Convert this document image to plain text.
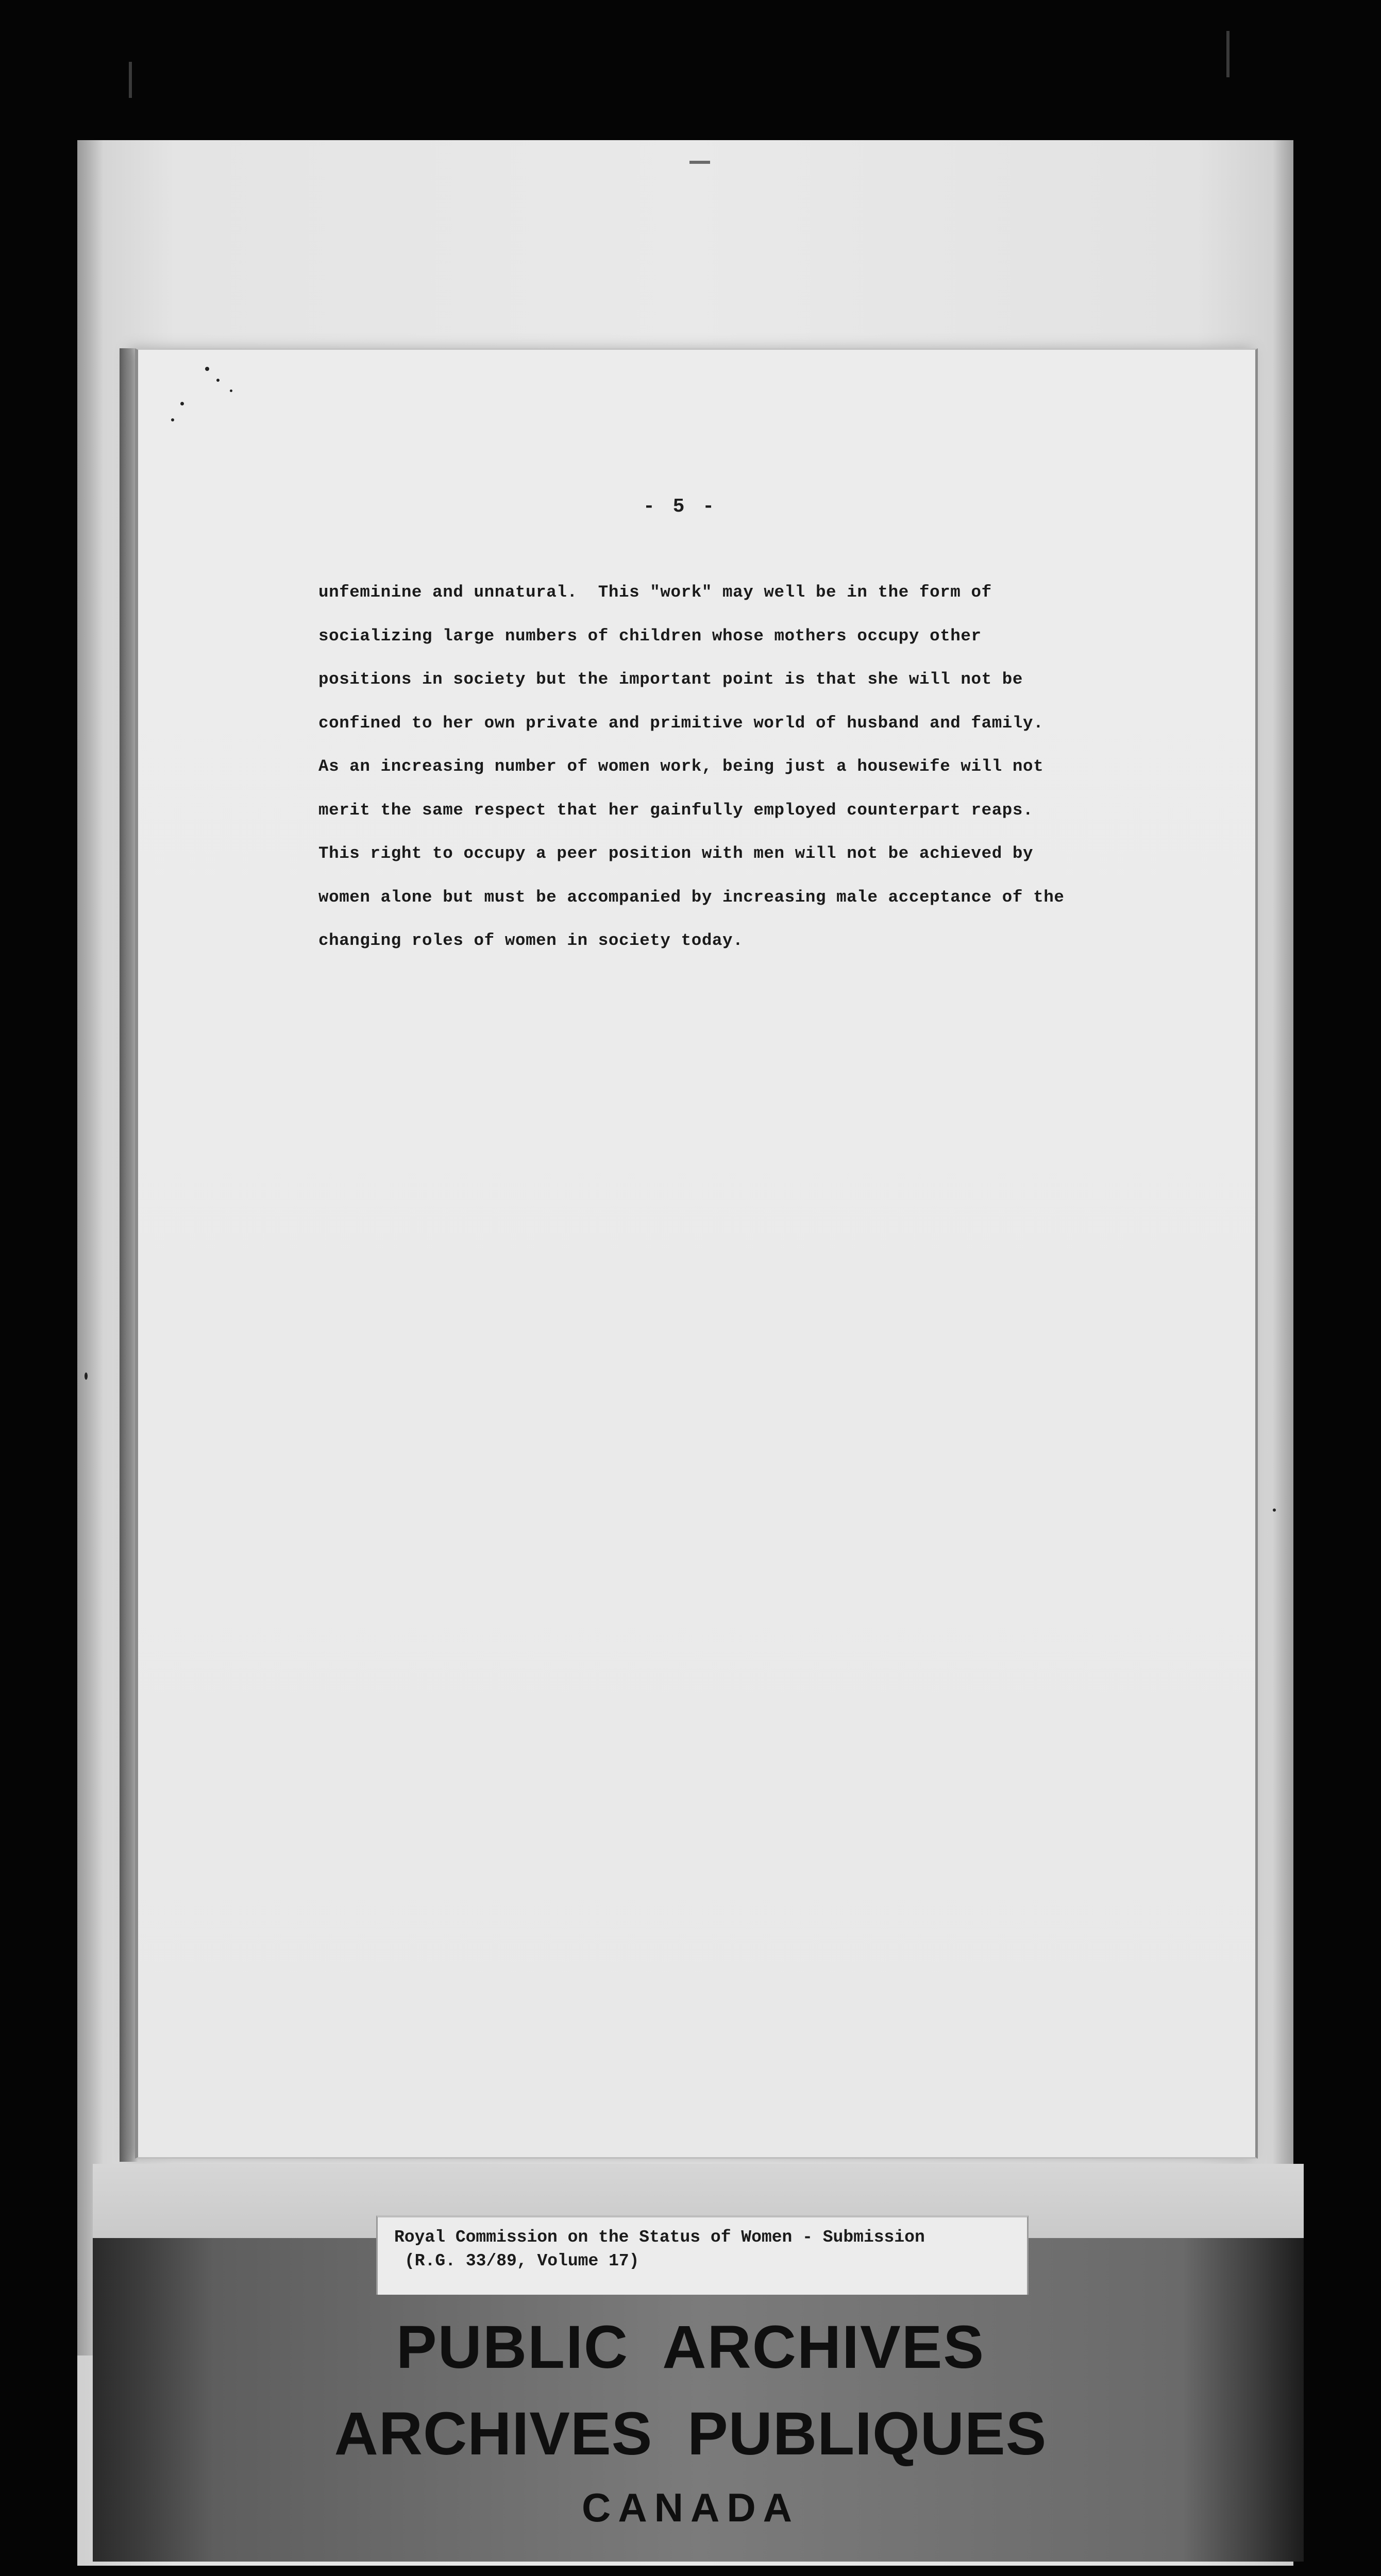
- 5 -
unfeminine and unnatural.  This "work" may well be in the form of
socializing large numbers of children whose mothers occupy other
positions in society but the important point is that she will not be
confined to her own private and primitive world of husband and family.
As an increasing number of women work, being just a housewife will not
merit the same respect that her gainfully employed counterpart reaps.
This right to occupy a peer position with men will not be achieved by
women alone but must be accompanied by increasing male acceptance of the
changing roles of women in society today.
Royal Commission on the Status of Women - Submission
(R.G. 33/89, Volume 17)
PUBLIC  ARCHIVES
ARCHIVES  PUBLIQUES
CANADA
